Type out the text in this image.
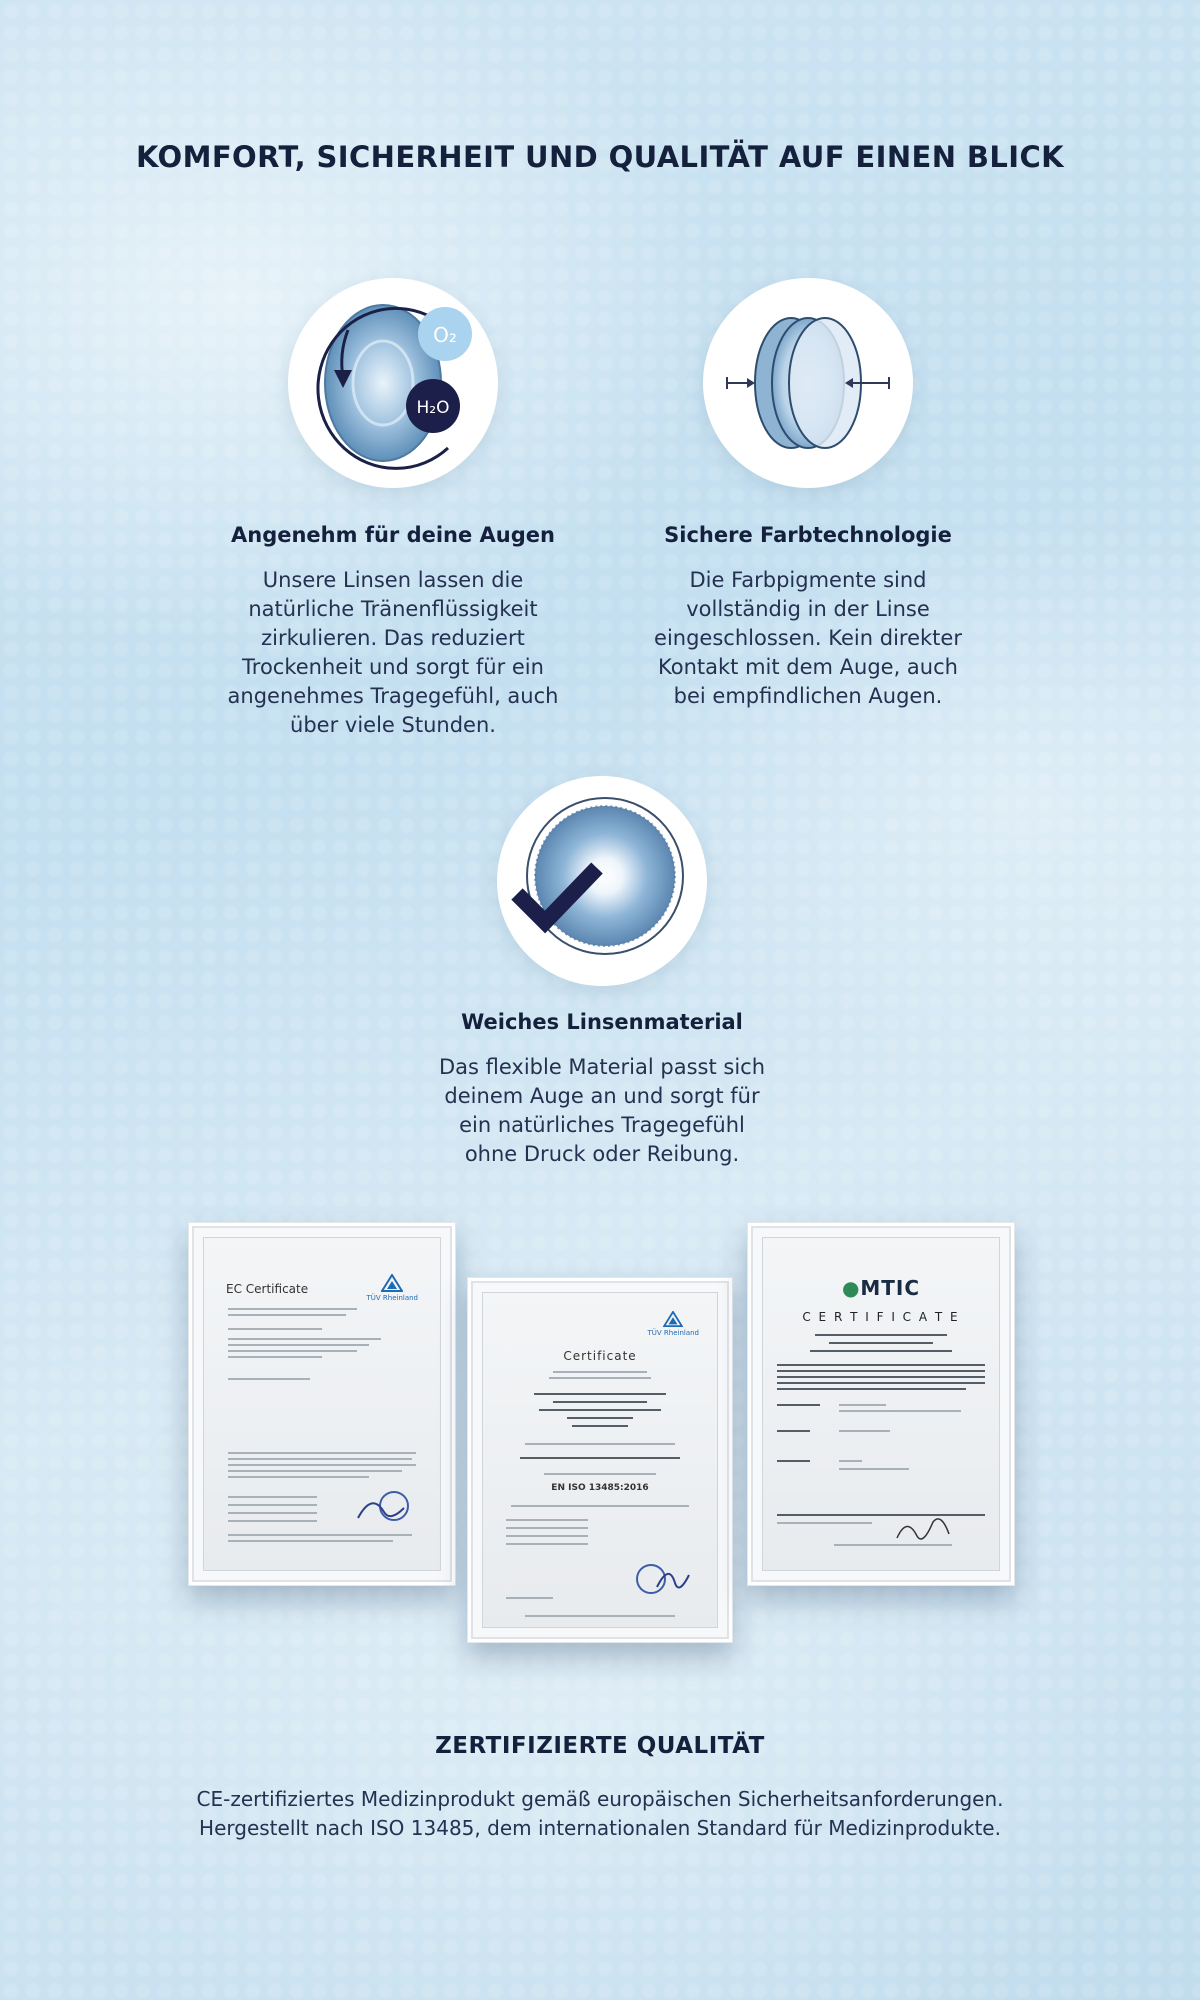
KOMFORT, SICHERHEIT UND QUALITÄT AUF EINEN BLICK
O₂
H₂O
Angenehm für deine Augen
Unsere Linsen lassen die
natürliche Tränenflüssigkeit
zirkulieren. Das reduziert
Trockenheit und sorgt für ein
angenehmes Tragegefühl, auch
über viele Stunden.
Sichere Farbtechnologie
Die Farbpigmente sind
vollständig in der Linse
eingeschlossen. Kein direkter
Kontakt mit dem Auge, auch
bei empfindlichen Augen.
Weiches Linsenmaterial
Das flexible Material passt sich
deinem Auge an und sorgt für
ein natürliches Tragegefühl
ohne Druck oder Reibung.
EC Certificate
TÜV Rheinland
TÜV Rheinland
Certificate
EN ISO 13485:2016
●MTIC
C E R T I F I C A T E
ZERTIFIZIERTE QUALITÄT
CE-zertifiziertes Medizinprodukt gemäß europäischen Sicherheitsanforderungen.
Hergestellt nach ISO 13485, dem internationalen Standard für Medizinprodukte.
